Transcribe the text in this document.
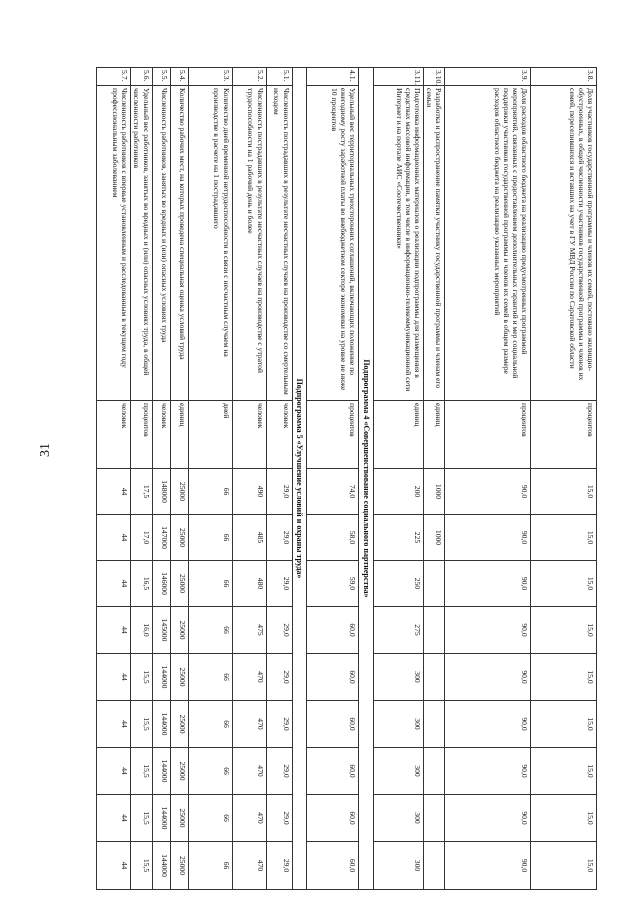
31
3.8.	Доля участников государственной программы и членов их семей, постоянно жилищно-обустроенных, в общей численности участников государственной программы и членов их семей, переселившихся и вставших на учет в ГУ МВД России по Саратовской области	процентов	15,0	15,0	15,0	15,0	15,0	15,0	15,0	15,0	15,0
3.9.	Доля расходов областного бюджета на реализацию предусмотренных программой мероприятий, связанных с предоставлением дополнительных гарантий и мер социальной поддержки участников государственной программы и членов их семей в общем размере расходов областного бюджета на реализацию указанных мероприятий	процентов	90,0	90,0	90,0	90,0	90,0	90,0	90,0	90,0	90,0
3.10.	Разработка и распространение памятки участнику государственной программы и членам его семьи	единиц	1000	1000							
3.11.	Подготовка информационных материалов о реализации подпрограммы для размещения в средствах массовой информации, в том числе в информационно-телекоммуникационной сети Интернет и на портале АИС «Соотечественники»	единиц	200	225	250	275	300	300	300	300	300
Подпрограмма 4 «Совершенствование социального партнерства»											
4.1.	Удельный вес территориальных трехсторонних соглашений, включающих положение по ежегодному росту заработной платы во внебюджетном секторе экономики на уровне не ниже 10 процентов	процентов	74,0	58,0	59,0	60,0	60,0	60,0	60,0	60,0	60,0
Подпрограмма 5 «Улучшение условий и охраны труда»											
5.1.	Численность пострадавших в результате несчастных случаев на производстве со смертельным исходом	человек	29,0	29,0	29,0	29,0	29,0	29,0	29,0	29,0	29,0
5.2.	Численность пострадавших в результате несчастных случаев на производстве с утратой трудоспособности на 1 рабочий день и более	человек	490	485	480	475	470	470	470	470	470
5.3.	Количество дней временной нетрудоспособности в связи с несчастным случаем на производстве в расчете на 1 пострадавшего	дней	66	66	66	66	66	66	66	66	66
5.4.	Количество рабочих мест, на которых проведена специальная оценка условий труда	единиц	25000	25000	25000	25000	25000	25000	25000	25000	25000
5.5.	Численность работников, занятых во вредных и (или) опасных условиях труда	человек	148000	147000	146000	145000	144000	144000	144000	144000	144000
5.6.	Удельный вес работников, занятых во вредных и (или) опасных условиях труда, в общей численности работников	процентов	17,5	17,0	16,5	16,0	15,5	15,5	15,5	15,5	15,5
5.7.	Численность работников с впервые установленным и расследованным в текущем году профессиональным заболеванием	человек	44	44	44	44	44	44	44	44	44
